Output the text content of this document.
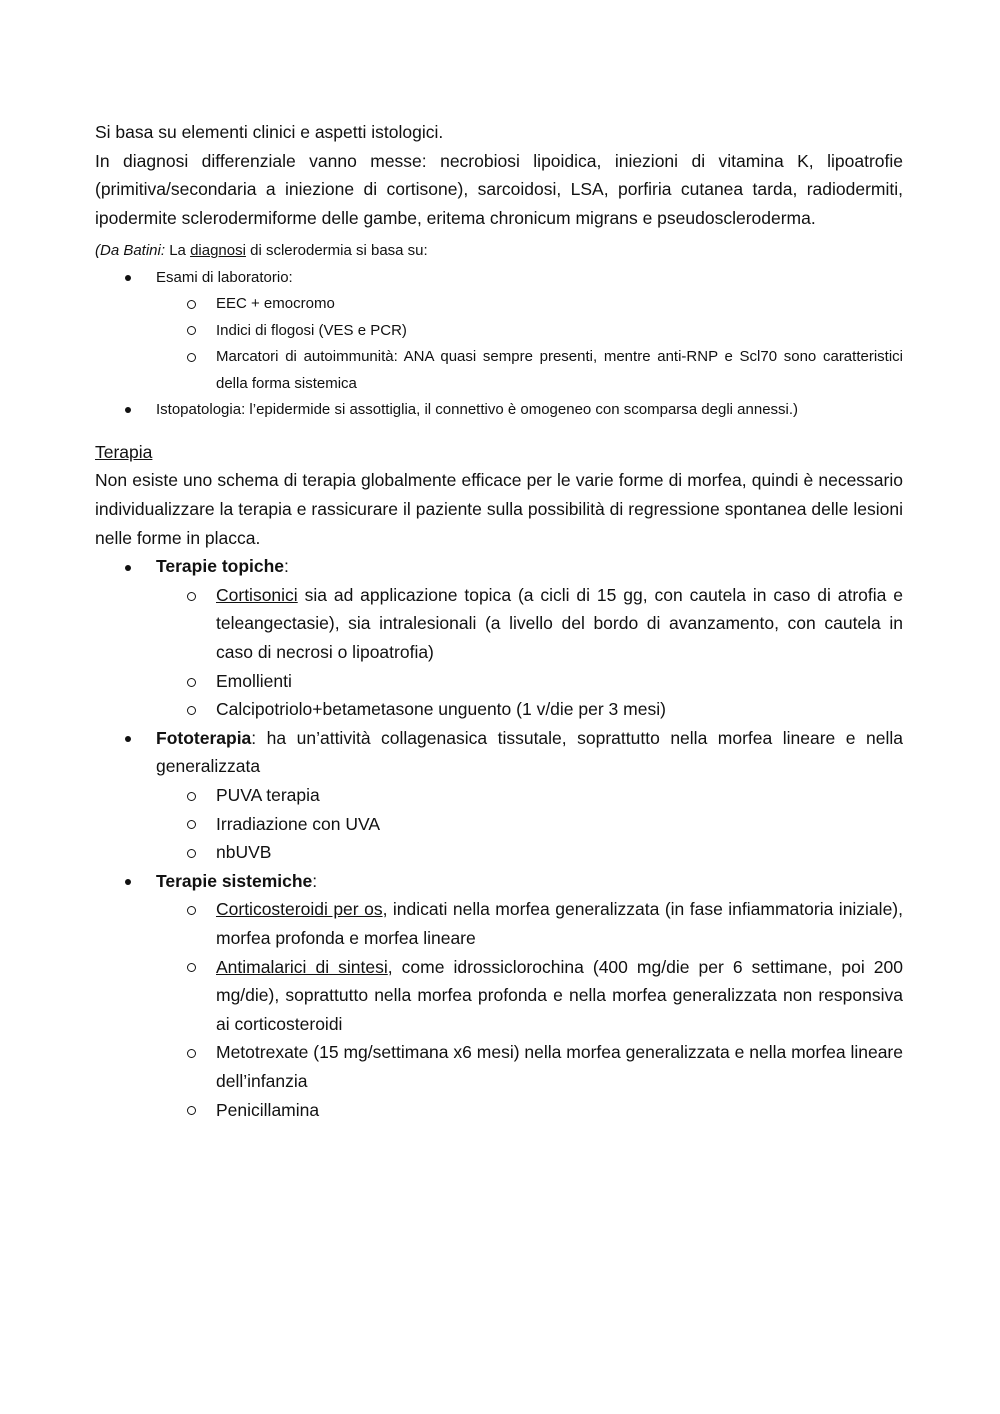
Si basa su elementi clinici e aspetti istologici.

In diagnosi differenziale vanno messe: necrobiosi lipoidica, iniezioni di vitamina K, lipoatrofie (primitiva/secondaria a iniezione di cortisone), sarcoidosi, LSA, porfiria cutanea tarda, radiodermiti, ipodermite sclerodermiforme delle gambe, eritema chronicum migrans e pseudoscleroderma.

(Da Batini: La diagnosi di sclerodermia si basa su:

Esami di laboratorio:
EEC + emocromo
Indici di flogosi (VES e PCR)
Marcatori di autoimmunità: ANA quasi sempre presenti, mentre anti-RNP e Scl70 sono caratteristici della forma sistemica
Istopatologia: l’epidermide si assottiglia, il connettivo è omogeneo con scomparsa degli annessi.)

Terapia

Non esiste uno schema di terapia globalmente efficace per le varie forme di morfea, quindi è necessario individualizzare la terapia e rassicurare il paziente sulla possibilità di regressione spontanea delle lesioni nelle forme in placca.

Terapie topiche:
Cortisonici sia ad applicazione topica (a cicli di 15 gg, con cautela in caso di atrofia e teleangectasie), sia intralesionali (a livello del bordo di avanzamento, con cautela in caso di necrosi o lipoatrofia)
Emollienti
Calcipotriolo+betametasone unguento (1 v/die per 3 mesi)
Fototerapia: ha un’attività collagenasica tissutale, soprattutto nella morfea lineare e nella generalizzata
PUVA terapia
Irradiazione con UVA
nbUVB
Terapie sistemiche:
Corticosteroidi per os, indicati nella morfea generalizzata (in fase infiammatoria iniziale), morfea profonda e morfea lineare
Antimalarici di sintesi, come idrossiclorochina (400 mg/die per 6 settimane, poi 200 mg/die), soprattutto nella morfea profonda e nella morfea generalizzata non responsiva ai corticosteroidi
Metotrexate (15 mg/settimana x6 mesi) nella morfea generalizzata e nella morfea lineare dell’infanzia
Penicillamina
